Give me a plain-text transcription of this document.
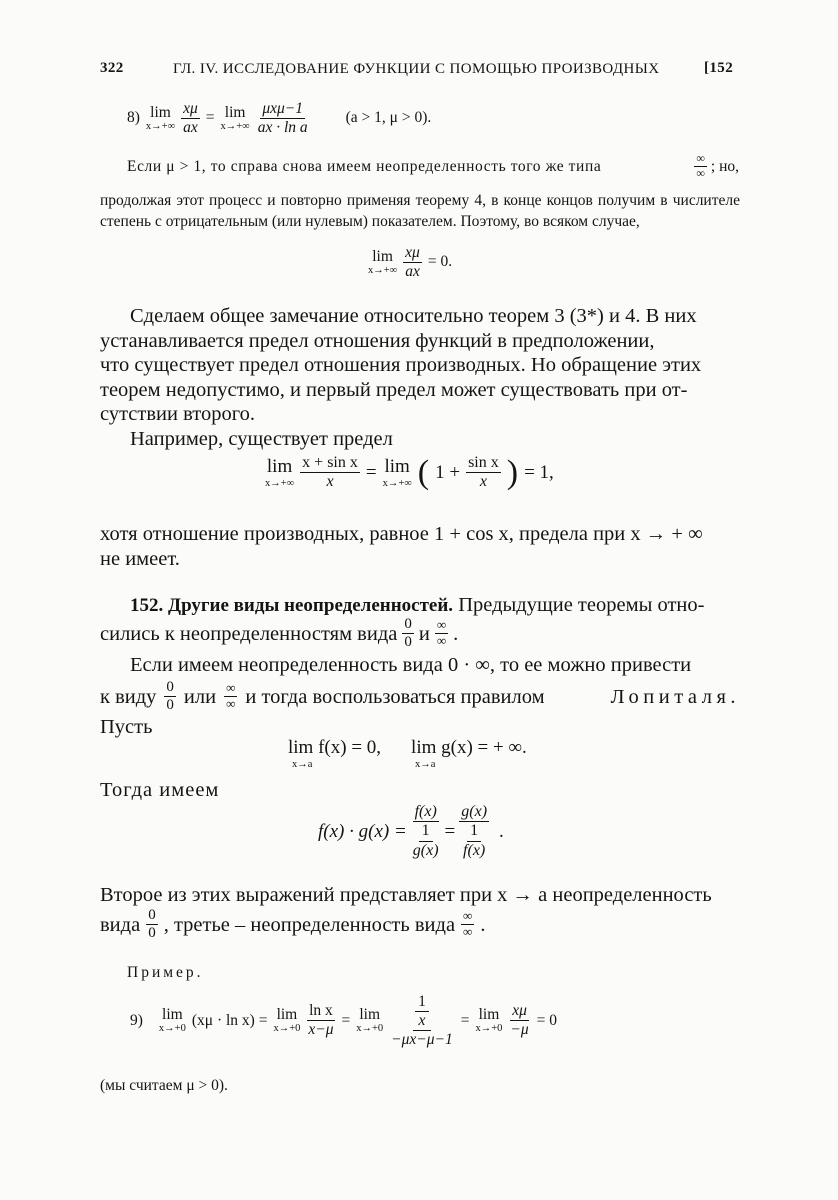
322	ГЛ. IV. ИССЛЕДОВАНИЕ ФУНКЦИИ С ПОМОЩЬЮ ПРОИЗВОДНЫХ	[152
8) lim
$x\to+\infty \frac{x\mu}{ax} = \lim$
$x\to+\infty \frac{\text{μxμ−1}}{\text{ax · ln a}} (a > 1$, μ > 0).
Если μ > 1, то справа снова имеем неопределенность того же типа	$\frac{\infty}{\infty}$ ; но,
продолжая этот процесс и повторно применяя теорему 4, в конце концов получим в числителе степень с отрицательным (или нулевым) показателем. Поэтому, во всяком случае,
lim
$x\to+\infty \frac{x\mu}{ax} = 0$.
Сделаем общее замечание относительно теорем 3 (3*) и 4. В них
устанавливается предел отношения функций в предположении,
что существует предел отношения производных. Но обращение этих
теорем недопустимо, и первый предел может существовать при от-
сутствии второго.
Например, существует предел
lim
$x\to+\infty \frac{\text{x + sin x}}{x} = \lim$
x→+∞ ( $1 + \frac{\text{sin x}}{x}$ ) = 1,
хотя отношение производных, равное 1 + cos x, предела при x → + ∞
не имеет.
152. Другие виды неопределенностей. Предыдущие теоремы отно-
сились к неопределенностям вида $\frac{0}{0}$ и $\frac{\infty}{\infty}$ .
Если имеем неопределенность вида 0 · ∞, то ее можно привести
к виду $\frac{0}{0}$ или $\frac{\infty}{\infty}$ и тогда воспользоваться правилом	Лопиталя.
Пусть
lim f(x) = 0,
x→a
lim g(x) = + ∞.
x→a
Тогда имеем
f(x) · g(x) = f(x)
1
g(x) = g(x)
1
f(x) .
Второе из этих выражений представляет при x → a неопределенность
вида $\frac{0}{0}$ , третье – неопределенность вида $\frac{\infty}{\infty}$ .
Пример.
9) lim
x→+0
(xμ · ln x) = lim
$x\to+0 \frac{\text{ln x}}{x-\mu} = \lim$
x→+0 1
x
−μx−μ−1 = lim
$x\to+0 \frac{x\mu}{-\mu} = 0$
(мы считаем μ > 0).
